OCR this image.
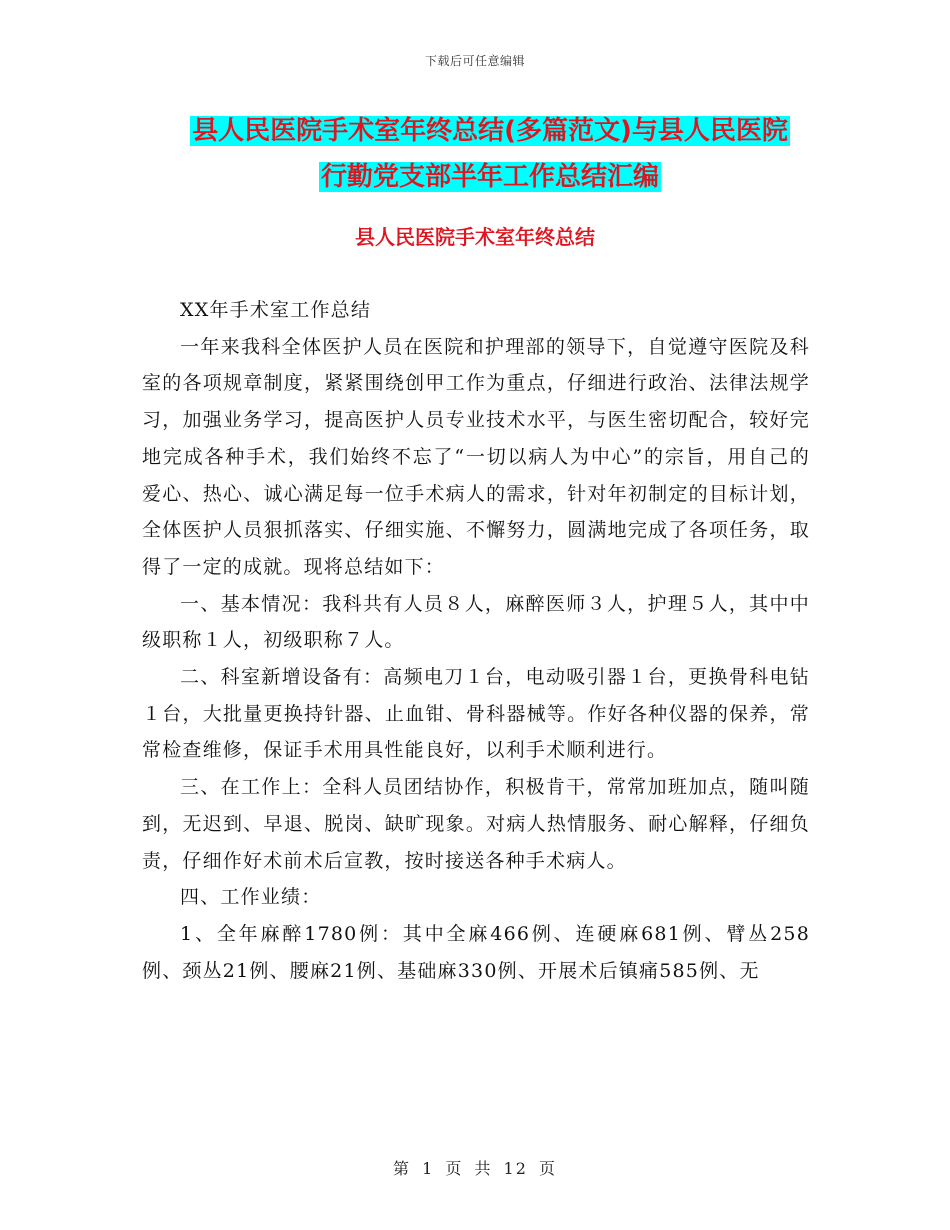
下载后可任意编辑
县人民医院手术室年终总结(多篇范文)与县人民医院
行勤党支部半年工作总结汇编
县人民医院手术室年终总结

XX年手术室工作总结

一年来我科全体医护人员在医院和护理部的领导下，自觉遵守医院及科室的各项规章制度，紧紧围绕创甲工作为重点，仔细进行政治、法律法规学习，加强业务学习，提高医护人员专业技术水平，与医生密切配合，较好完地完成各种手术，我们始终不忘了“一切以病人为中心”的宗旨，用自己的爱心、热心、诚心满足每一位手术病人的需求，针对年初制定的目标计划，全体医护人员狠抓落实、仔细实施、不懈努力，圆满地完成了各项任务，取得了一定的成就。现将总结如下：

一、基本情况：我科共有人员８人，麻醉医师３人，护理５人，其中中级职称１人，初级职称７人。

二、科室新增设备有：高频电刀１台，电动吸引器１台，更换骨科电钻１台，大批量更换持针器、止血钳、骨科器械等。作好各种仪器的保养，常常检查维修，保证手术用具性能良好，以利手术顺利进行。

三、在工作上：全科人员团结协作，积极肯干，常常加班加点，随叫随到，无迟到、早退、脱岗、缺旷现象。对病人热情服务、耐心解释，仔细负责，仔细作好术前术后宣教，按时接送各种手术病人。

四、工作业绩：

1、全年麻醉1780例：其中全麻466例、连硬麻681例、臂丛258例、颈丛21例、腰麻21例、基础麻330例、开展术后镇痛585例、无

第 1 页 共 12 页
